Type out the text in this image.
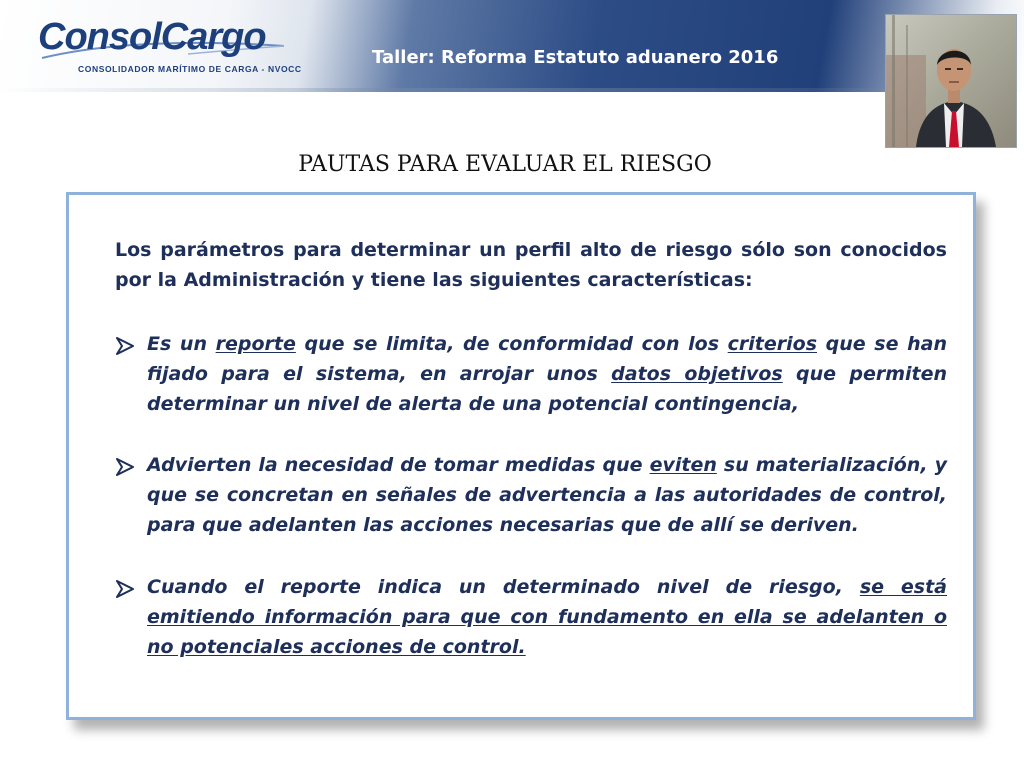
ConsolCargo
CONSOLIDADOR MARÍTIMO DE CARGA - NVOCC
Taller: Reforma Estatuto aduanero 2016
PAUTAS PARA EVALUAR EL RIESGO

Los parámetros para determinar un perfil alto de riesgo sólo son conocidos por la Administración y tiene las siguientes características:

Es un reporte que se limita, de conformidad con los criterios que se han fijado para el sistema, en arrojar unos datos objetivos que permiten determinar un nivel de alerta de una potencial contingencia,

Advierten la necesidad de tomar medidas que eviten su materialización, y que se concretan en señales de advertencia a las autoridades de control, para que adelanten las acciones necesarias que de allí se deriven.

Cuando el reporte indica un determinado nivel de riesgo, se está emitiendo información para que con fundamento en ella se adelanten o no potenciales acciones de control.
